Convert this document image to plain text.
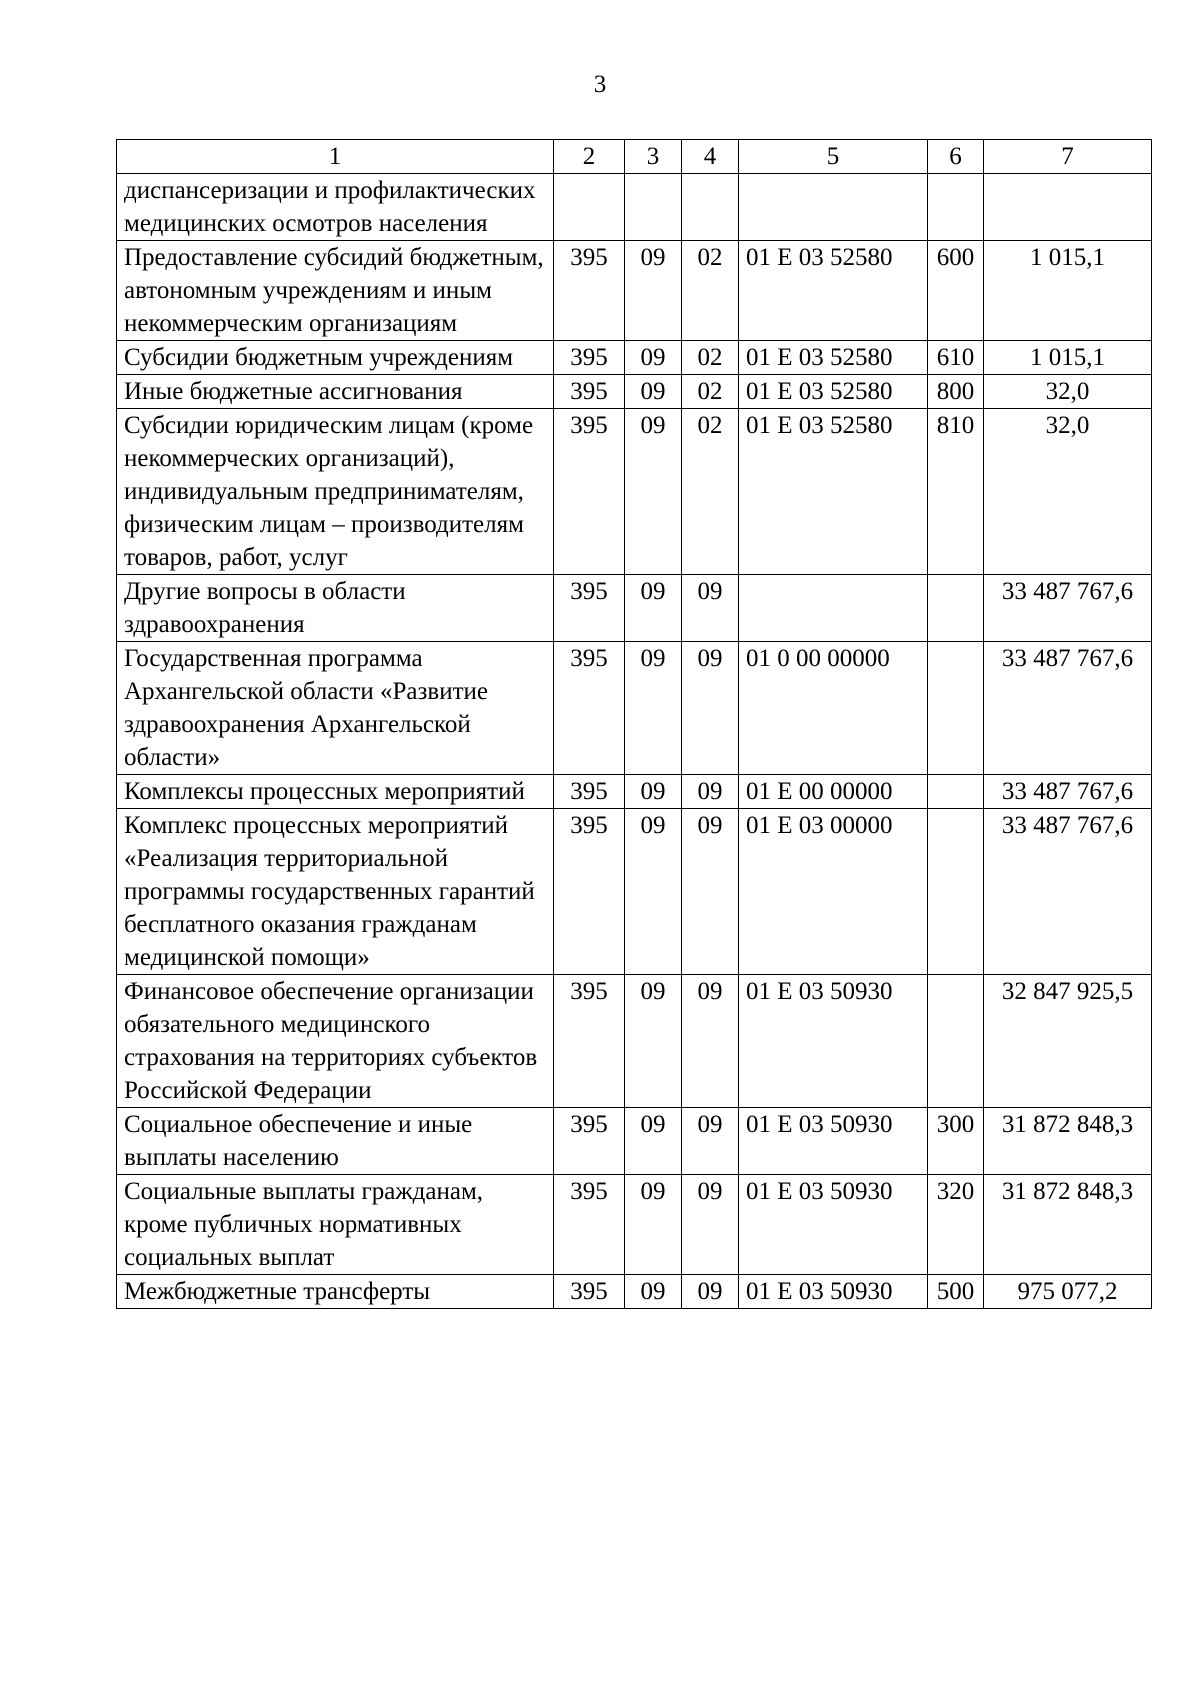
3
1	2	3	4	5	6	7
диспансеризации и профилактических медицинских осмотров населения						
Предоставление субсидий бюджетным, автономным учреждениям и иным некоммерческим организациям	395	09	02	01 Е 03 52580	600	1 015,1
Субсидии бюджетным учреждениям	395	09	02	01 Е 03 52580	610	1 015,1
Иные бюджетные ассигнования	395	09	02	01 Е 03 52580	800	32,0
Субсидии юридическим лицам (кроме некоммерческих организаций), индивидуальным предпринимателям, физическим лицам – производителям товаров, работ, услуг	395	09	02	01 Е 03 52580	810	32,0
Другие вопросы в области здравоохранения	395	09	09			33 487 767,6
Государственная программа Архангельской области «Развитие здравоохранения Архангельской области»	395	09	09	01 0 00 00000		33 487 767,6
Комплексы процессных мероприятий	395	09	09	01 Е 00 00000		33 487 767,6
Комплекс процессных мероприятий «Реализация территориальной программы государственных гарантий бесплатного оказания гражданам медицинской помощи»	395	09	09	01 Е 03 00000		33 487 767,6
Финансовое обеспечение организации обязательного медицинского страхования на территориях субъектов Российской Федерации	395	09	09	01 Е 03 50930		32 847 925,5
Социальное обеспечение и иные выплаты населению	395	09	09	01 Е 03 50930	300	31 872 848,3
Социальные выплаты гражданам, кроме публичных нормативных социальных выплат	395	09	09	01 Е 03 50930	320	31 872 848,3
Межбюджетные трансферты	395	09	09	01 Е 03 50930	500	975 077,2
